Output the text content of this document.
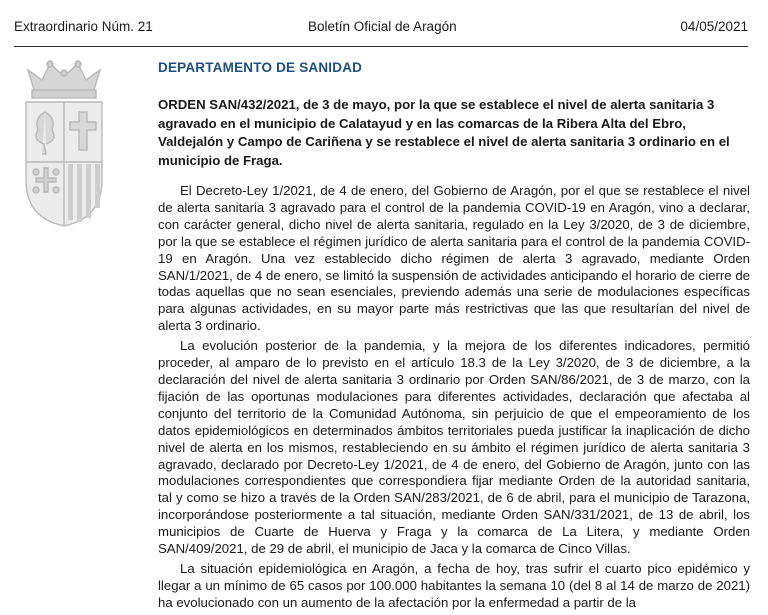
Extraordinario Núm. 21	Boletín Oficial de Aragón	04/05/2021
DEPARTAMENTO DE SANIDAD
ORDEN SAN/432/2021, de 3 de mayo, por la que se establece el nivel de alerta sanitaria 3 agravado en el municipio de Calatayud y en las comarcas de la Ribera Alta del Ebro, Valdejalón y Campo de Cariñena y se restablece el nivel de alerta sanitaria 3 ordinario en el municipio de Fraga.

El Decreto-Ley 1/2021, de 4 de enero, del Gobierno de Aragón, por el que se restablece el nivel de alerta sanitaria 3 agravado para el control de la pandemia COVID-19 en Aragón, vino a declarar, con carácter general, dicho nivel de alerta sanitaria, regulado en la Ley 3/2020, de 3 de diciembre, por la que se establece el régimen jurídico de alerta sanitaria para el control de la pandemia COVID-19 en Aragón. Una vez establecido dicho régimen de alerta 3 agravado, mediante Orden SAN/1/2021, de 4 de enero, se limitó la suspensión de actividades anticipando el horario de cierre de todas aquellas que no sean esenciales, previendo además una serie de modulaciones específicas para algunas actividades, en su mayor parte más restrictivas que las que resultarían del nivel de alerta 3 ordinario.

La evolución posterior de la pandemia, y la mejora de los diferentes indicadores, permitió proceder, al amparo de lo previsto en el artículo 18.3 de la Ley 3/2020, de 3 de diciembre, a la declaración del nivel de alerta sanitaria 3 ordinario por Orden SAN/86/2021, de 3 de marzo, con la fijación de las oportunas modulaciones para diferentes actividades, declaración que afectaba al conjunto del territorio de la Comunidad Autónoma, sin perjuicio de que el empeoramiento de los datos epidemiológicos en determinados ámbitos territoriales pueda justificar la inaplicación de dicho nivel de alerta en los mismos, restableciendo en su ámbito el régimen jurídico de alerta sanitaria 3 agravado, declarado por Decreto-Ley 1/2021, de 4 de enero, del Gobierno de Aragón, junto con las modulaciones correspondientes que correspondiera fijar mediante Orden de la autoridad sanitaria, tal y como se hizo a través de la Orden SAN/283/2021, de 6 de abril, para el municipio de Tarazona, incorporándose posteriormente a tal situación, mediante Orden SAN/331/2021, de 13 de abril, los municipios de Cuarte de Huerva y Fraga y la comarca de La Litera, y mediante Orden SAN/409/2021, de 29 de abril, el municipio de Jaca y la comarca de Cinco Villas.

La situación epidemiológica en Aragón, a fecha de hoy, tras sufrir el cuarto pico epidémico y llegar a un mínimo de 65 casos por 100.000 habitantes la semana 10 (del 8 al 14 de marzo de 2021) ha evolucionado con un aumento de la afectación por la enfermedad a partir de la
